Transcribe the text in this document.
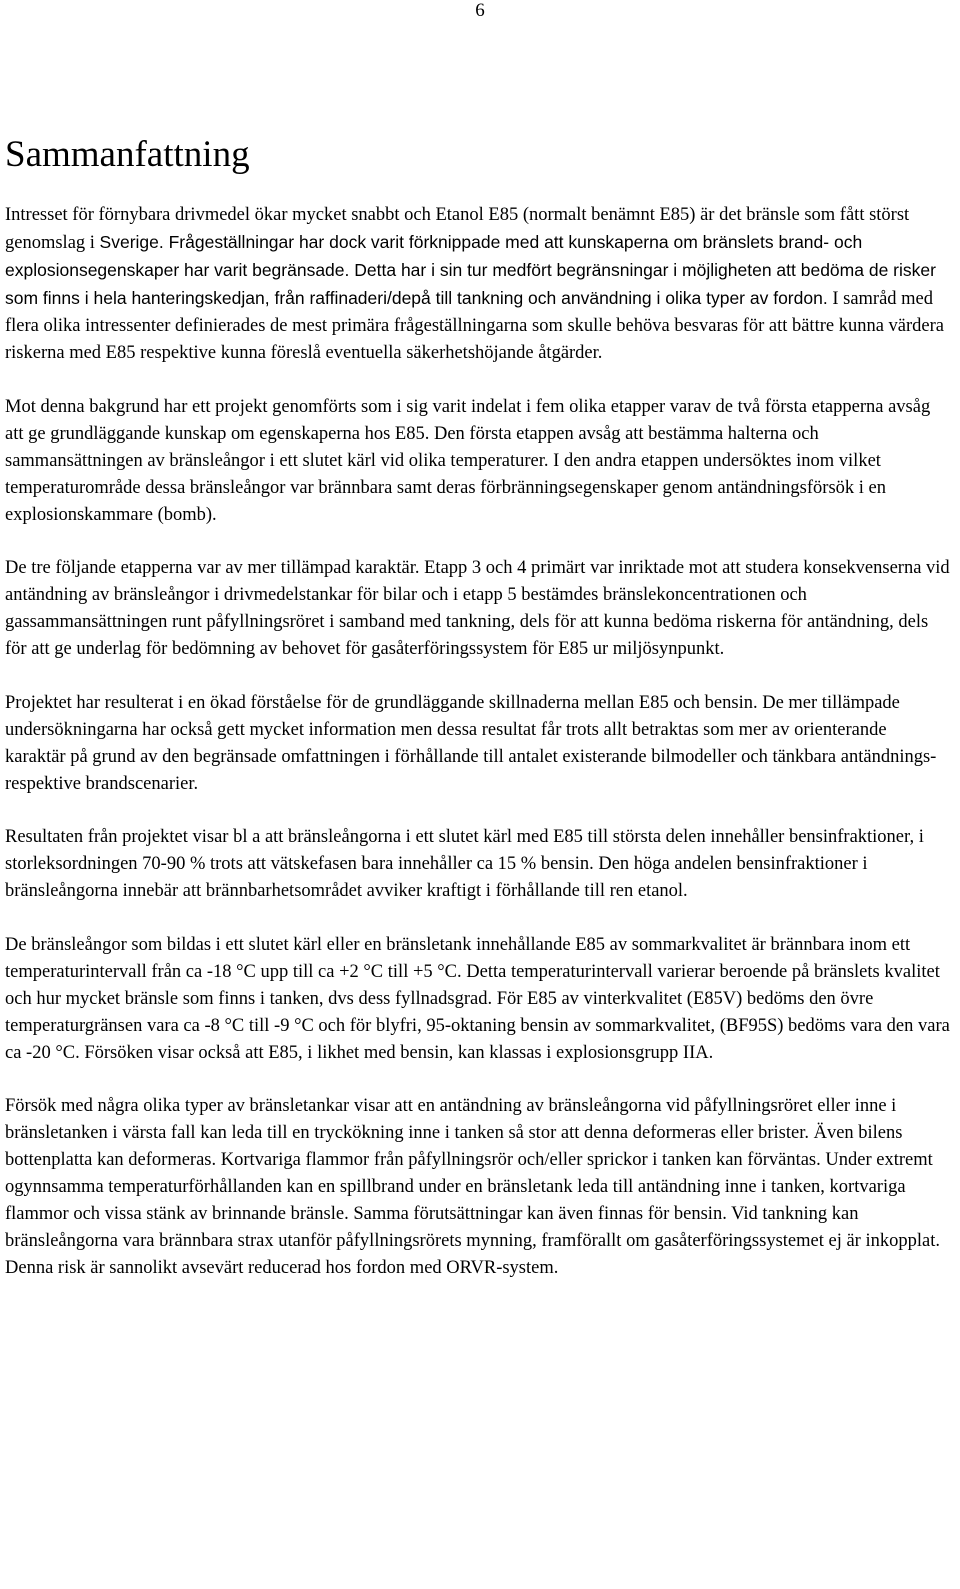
6
Sammanfattning

Intresset för förnybara drivmedel ökar mycket snabbt och Etanol E85 (normalt benämnt E85) är det bränsle som fått störst genomslag i Sverige. Frågeställningar har dock varit förknippade med att kunskaperna om bränslets brand- och explosionsegenskaper har varit begränsade. Detta har i sin tur medfört begränsningar i möjligheten att bedöma de risker som finns i hela hanteringskedjan, från raffinaderi/depå till tankning och användning i olika typer av fordon. I samråd med flera olika intressenter definierades de mest primära frågeställningarna som skulle behöva besvaras för att bättre kunna värdera riskerna med E85 respektive kunna föreslå eventuella säkerhetshöjande åtgärder.

Mot denna bakgrund har ett projekt genomförts som i sig varit indelat i fem olika etapper varav de två första etapperna avsåg att ge grundläggande kunskap om egenskaperna hos E85. Den första etappen avsåg att bestämma halterna och sammansättningen av bränsleångor i ett slutet kärl vid olika temperaturer. I den andra etappen undersöktes inom vilket temperaturområde dessa bränsleångor var brännbara samt deras förbränningsegenskaper genom antändningsförsök i en explosionskammare (bomb).

De tre följande etapperna var av mer tillämpad karaktär. Etapp 3 och 4 primärt var inriktade mot att studera konsekvenserna vid antändning av bränsleångor i drivmedelstankar för bilar och i etapp 5 bestämdes bränslekoncentrationen och gassammansättningen runt påfyllningsröret i samband med tankning, dels för att kunna bedöma riskerna för antändning, dels för att ge underlag för bedömning av behovet för gasåterföringssystem för E85 ur miljösynpunkt.

Projektet har resulterat i en ökad förståelse för de grundläggande skillnaderna mellan E85 och bensin. De mer tillämpade undersökningarna har också gett mycket information men dessa resultat får trots allt betraktas som mer av orienterande karaktär på grund av den begränsade omfattningen i förhållande till antalet existerande bilmodeller och tänkbara antändnings- respektive brandscenarier.

Resultaten från projektet visar bl a att bränsleångorna i ett slutet kärl med E85 till största delen innehåller bensinfraktioner, i storleksordningen 70-90 % trots att vätskefasen bara innehåller ca 15 % bensin. Den höga andelen bensinfraktioner i bränsleångorna innebär att brännbarhetsområdet avviker kraftigt i förhållande till ren etanol.

De bränsleångor som bildas i ett slutet kärl eller en bränsletank innehållande E85 av sommarkvalitet är brännbara inom ett temperaturintervall från ca -18 °C upp till ca +2 °C till +5 °C. Detta temperaturintervall varierar beroende på bränslets kvalitet och hur mycket bränsle som finns i tanken, dvs dess fyllnadsgrad. För E85 av vinterkvalitet (E85V) bedöms den övre temperaturgränsen vara ca -8 °C till -9 °C och för blyfri, 95-oktaning bensin av sommarkvalitet, (BF95S) bedöms vara den vara ca -20 °C. Försöken visar också att E85, i likhet med bensin, kan klassas i explosionsgrupp IIA.

Försök med några olika typer av bränsletankar visar att en antändning av bränsleångorna vid påfyllningsröret eller inne i bränsletanken i värsta fall kan leda till en tryckökning inne i tanken så stor att denna deformeras eller brister. Även bilens bottenplatta kan deformeras. Kortvariga flammor från påfyllningsrör och/eller sprickor i tanken kan förväntas. Under extremt ogynnsamma temperaturförhållanden kan en spillbrand under en bränsletank leda till antändning inne i tanken, kortvariga flammor och vissa stänk av brinnande bränsle. Samma förutsättningar kan även finnas för bensin. Vid tankning kan bränsleångorna vara brännbara strax utanför påfyllningsrörets mynning, framförallt om gasåterföringssystemet ej är inkopplat. Denna risk är sannolikt avsevärt reducerad hos fordon med ORVR-system.
